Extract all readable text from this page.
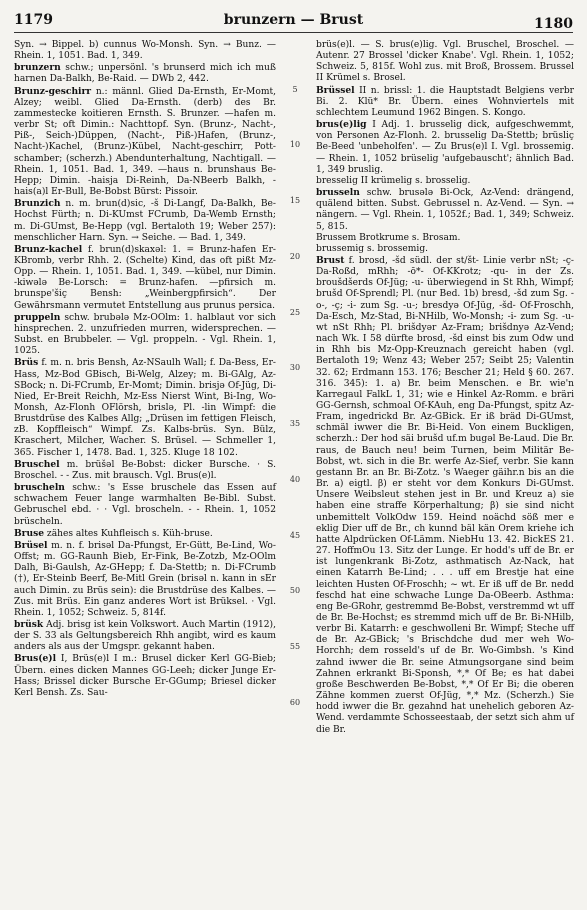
1179	brunzern — Brust	1180

Syn. → Bippel. b) cunnus Wo-Monsh. Syn. → Bunz. — Rhein. 1, 1051. Bad. 1, 349.

brunzern schw.; unpersönl. 's brunserd mich ich muß harnen Da-Balkh, Be-Raid. — DWb 2, 442.

Brunz-geschirr n.: männl. Glied Da-Ernsth, Er-Momt, Alzey; weibl. Glied Da-Ernsth. (derb) des Br. zammestecke koitieren Ernsth. S. Brunzer. —hafen m. verbr St; oft Dimin.: Nachttopf. Syn. (Brunz-, Nacht-, Piß-, Seich-)Düppen, (Nacht-, Piß-)Hafen, (Brunz-, Nacht-)Kachel, (Brunz-)Kübel, Nacht-geschirr, Pott-schamber; (scherzh.) Abendunterhaltung, Nachtigall. — Rhein. 1, 1051. Bad. 1, 349. —haus n. brunshaus Be-Hepp; Dimin. -haisja Di-Reinh, Da-NBeerb Balkh, -hais(a)l Er-Bull, Be-Bobst Bürst: Pissoir.

Brunzich n. m. brun(d)sic, -š Di-Langf, Da-Balkh, Be-Hochst Fürth; n. Di-KUmst FCrumb, Da-Wemb Ernsth; m. Di-GUmst, Be-Hepp (vgl. Bertaloth 19; Weber 257): menschlicher Harn. Syn. → Seiche. — Bad. 1, 349.

Brunz-kachel f. brun(d)skaxəl: 1. = Brunz-hafen Er-KBromb, verbr Rhh. 2. (Schelte) Kind, das oft pißt Mz-Opp. — Rhein. 1, 1051. Bad. 1, 349. —kübel, nur Dimin. -kiwələ Be-Lorsch: = Brunz-hafen. —pfirsich m. brunspe'šiç Bensh: „Weinbergpfirsich“. Der Gewährsmann vermutet Entstellung aus prunus persica.

pruppeln schw. brubələ Mz-OOlm: 1. halblaut vor sich hinsprechen. 2. unzufrieden murren, widersprechen. — Subst. en Brubbeler. — Vgl. proppeln. - Vgl. Rhein. 1, 1025.

Brüs f. m. n. bris Bensh, Az-NSaulh Wall; f. Da-Bess, Er-Hass, Mz-Bod GBisch, Bi-Welg, Alzey; m. Bi-GAlg, Az-SBock; n. Di-FCrumb, Er-Momt; Dimin. brisjə Of-Jüg, Di-Nied, Er-Breit Reichh, Mz-Ess Nierst Wint, Bi-Ing, Wo-Monsh, Az-Flonh OFlörsh, brislə, Pl. -lin Wimpf: die Brustdrüse des Kalbes Allg; „Drüsen im fettigen Fleisch, zB. Kopffleisch“ Wimpf. Zs. Kalbs-brüs. Syn. Bülz, Kraschert, Milcher, Wacher. S. Brüsel. — Schmeller 1, 365. Fischer 1, 1478. Bad. 1, 325. Kluge 18 102.

Bruschel m. brüšəl Be-Bobst: dicker Bursche. · S. Broschel. - - Zus. mit brausch. Vgl. Brus(e)l.

bruscheln schw.: 's Esse bruschele das Essen auf schwachem Feuer lange warmhalten Be-Bibl. Subst. Gebruschel ebd. · · Vgl. broscheln. - - Rhein. 1, 1052 brüscheln.

Bruse zähes altes Kuhfleisch s. Küh-bruse.

Brüsel m. n. f. brisəl Da-Pfungst, Er-Gütt, Be-Lind, Wo-Offst; m. GG-Raunh Bieb, Er-Fink, Be-Zotzb, Mz-OOlm Dalh, Bi-Gaulsh, Az-GHepp; f. Da-Stettb; n. Di-FCrumb (†), Er-Steinb Beerf, Be-Mitl Grein (brisəl n. kann in sEr auch Dimin. zu Brüs sein): die Brustdrüse des Kalbes. — Zus. mit Brüs. Ein ganz anderes Wort ist Brüksel. · Vgl. Rhein. 1, 1052; Schweiz. 5, 814f.

brüsk Adj. brisg ist kein Volkswort. Auch Martin (1912), der S. 33 als Geltungsbereich Rhh angibt, wird es kaum anders als aus der Umgspr. gekannt haben.

Brus(e)l I, Brüs(e)l I m.: Brusel dicker Kerl GG-Bieb; Übern. eines dicken Mannes GG-Leeh; dicker Junge Er-Hass; Brissel dicker Bursche Er-GGump; Briesel dicker Kerl Bensh. Zs. Sau-

5
10
15
20
25
30
35
40
45
50
55
60

brüs(e)l. — S. brus(e)lig. Vgl. Bruschel, Broschel. — Autenr. 27 Brossel 'dicker Knabe'. Vgl. Rhein. 1, 1052; Schweiz. 5, 815f. Wohl zus. mit Broß, Brossem. Brussel II Krümel s. Brosel.

Brüssel II n. brissl: 1. die Hauptstadt Belgiens verbr Bi. 2. Klü* Br. Übern. eines Wohnviertels mit schlechtem Leumund 1962 Bingen. S. Kongo.

brus(e)lig I Adj. 1. brusselig dick, aufgeschwemmt, von Personen Az-Flonh. 2. brusselig Da-Stettb; brüsliç Be-Beed 'unbeholfen'. — Zu Brus(e)l I. Vgl. brossemig. — Rhein. 1, 1052 brüselig 'aufgebauscht'; ähnlich Bad. 1, 349 bruslig.

bresselig II krümelig s. brosselig.

brusseln schw. brusələ Bi-Ock, Az-Vend: drängend, quälend bitten. Subst. Gebrussel n. Az-Vend. — Syn. → nängern. — Vgl. Rhein. 1, 1052f.; Bad. 1, 349; Schweiz. 5, 815.

Brussem Brotkrume s. Brosam.

brussemig s. brossemig.

Brust f. brosd, -šd südl. der st/št- Linie verbr nSt; -ç- Da-Roßd, mRhh; -ō*- Of-KKrotz; -qu- in der Zs. broušdšerds Of-Jüg; -u- überwiegend in St Rhh, Wimpf; brušd Of-Sprendl; Pl. (nur Bed. 1b) bresd, -šd zum Sg. -o-, -ç; -i- zum Sg. -u-; bresdyə Of-Jüg, -šd- Of-Froschh, Da-Esch, Mz-Stad, Bi-NHilb, Wo-Monsh; -i- zum Sg. -u- wt nSt Rhh; Pl. brišdyər Az-Fram; brišdnyə Az-Vend; nach Wk. I 58 dürfte brosd, -šd einst bis zum Odw und in Rhh bis Mz-Opp-Kreuznach gereicht haben (vgl. Bertaloth 19; Wenz 43; Weber 257; Seibt 25; Valentin 32. 62; Erdmann 153. 176; Bescher 21; Held § 60. 267. 316. 345): 1. a) Br. beim Menschen. e Br. wie'n Karregaul FalkL 1, 31; wie e Hinkel Az-Romm. e bräri GG-Gernsh, schmoal Of-KAuh, eng Da-Pfungst, spitz Az-Fram, ingedrickd Br. Az-GBick. Er iß bräd Di-GUmst, schmäl iwwer die Br. Bi-Heid. Von einem Buckligen, scherzh.: Der hod säi brušd uf.m bugəl Be-Laud. Die Br. raus, de Bauch neu! beim Turnen, beim Militär Be-Bobst, wt. sich in die Br. werfe Az-Sief, verbr. Sie kann gestann Br. an Br. Bi-Zotz. 's Waeger gäihr.n bis an die Br. a) eigtl. β) er steht vor dem Konkurs Di-GUmst. Unsere Weibsleut stehen jest in Br. und Kreuz a) sie haben eine straffe Körperhaltung; β) sie sind nicht unbemittelt VolkOdw 159. Heind noächd söß mer e eklig Dier uff de Br., ch kunnd bäl kän Orem kriehe ich hatte Alpdrücken Of-Lämm. NiebHu 13. 42. BickES 21. 27. HoffmOu 13. Sitz der Lunge. Er hodd's uff de Br. er ist lungenkrank Bi-Zotz, asthmatisch Az-Nack, hat einen Katarrh Be-Lind; . . . uff em Brestje hat eine leichten Husten Of-Froschh; ~ wt. Er iß uff de Br. nedd feschd hat eine schwache Lunge Da-OBeerb. Asthma: eng Be-GRohr, gestremmd Be-Bobst, verstremmd wt uff de Br. Be-Hochst; es stremmd mich uff de Br. Bi-NHilb, verbr Bi. Katarrh: e geschwolleni Br. Wimpf; Steche uff de Br. Az-GBick; 's Brischdche dud mer weh Wo-Horchh; dem rosseld's uf de Br. Wo-Gimbsh. 's Kind zahnd iwwer die Br. seine Atmungsorgane sind beim Zahnen erkrankt Bi-Sponsh, *,* Of Be; es hat dabei große Beschwerden Be-Bobst, *,* Of Er Bi; die oberen Zähne kommen zuerst Of-Jüg, *,* Mz. (Scherzh.) Sie hodd iwwer die Br. gezahnd hat unehelich geboren Az-Wend. verdammte Schosseestaab, der setzt sich ahm uf die Br.
